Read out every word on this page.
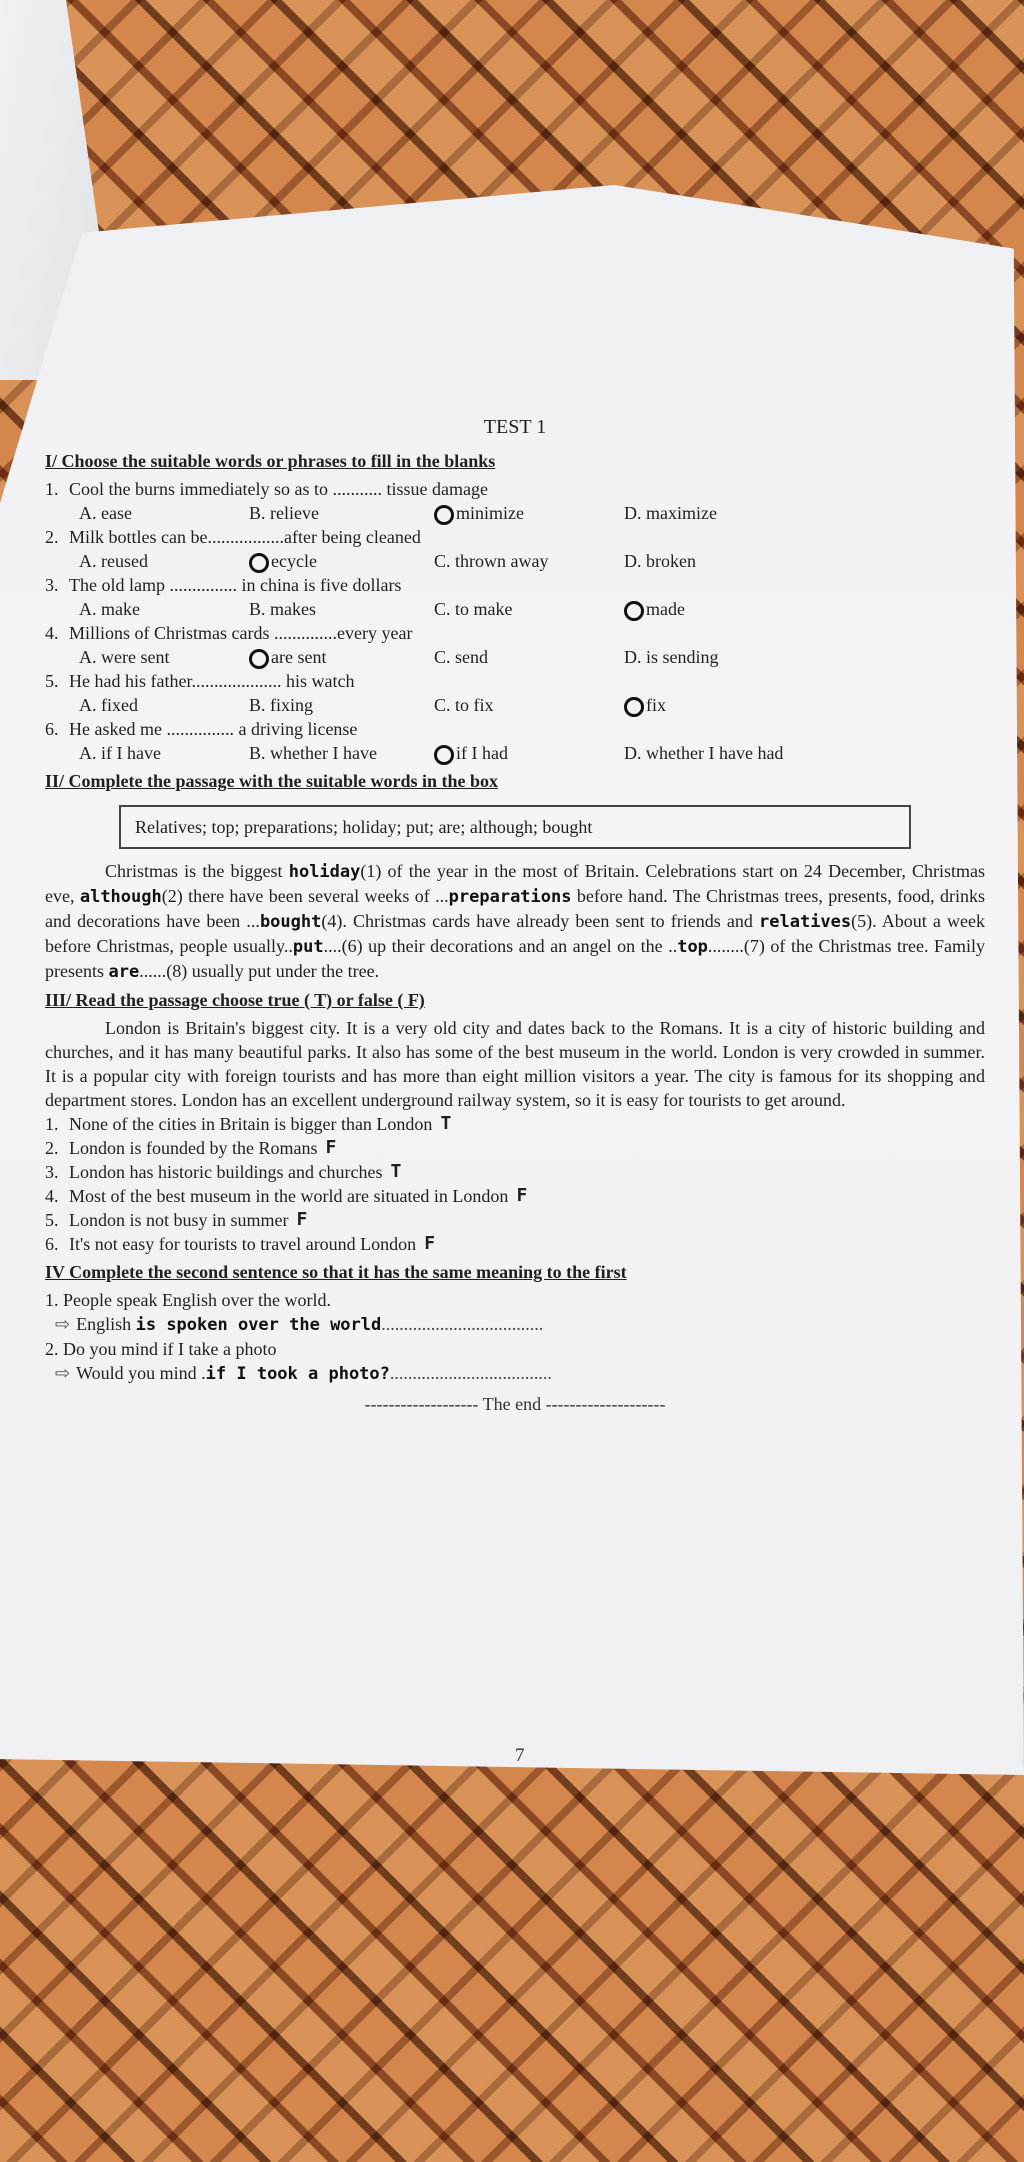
TEST 1
I/ Choose the suitable words or phrases to fill in the blanks
1. Cool the burns immediately so as to ........... tissue damage
A. ease	B. relieve	minimize	D. maximize
2. Milk bottles can be.................after being cleaned
A. reused	ecycle	C. thrown away	D. broken
3. The old lamp ............... in china is five dollars
A. make	B. makes	C. to make	made
4. Millions of Christmas cards ..............every year
A. were sent	are sent	C. send	D. is sending
5. He had his father.................... his watch
A. fixed	B. fixing	C. to fix	fix
6. He asked me ............... a driving license
A. if I have	B. whether I have	if I had	D. whether I have had
II/ Complete the passage with the suitable words in the box
Relatives; top; preparations; holiday; put; are; although; bought

Christmas is the biggest holiday(1) of the year in the most of Britain. Celebrations start on 24 December, Christmas eve, although(2) there have been several weeks of ...preparations before hand. The Christmas trees, presents, food, drinks and decorations have been ...bought(4). Christmas cards have already been sent to friends and relatives(5). About a week before Christmas, people usually..put....(6) up their decorations and an angel on the ..top........(7) of the Christmas tree. Family presents are......(8) usually put under the tree.

III/ Read the passage choose true ( T) or false ( F)

London is Britain's biggest city. It is a very old city and dates back to the Romans. It is a city of historic building and churches, and it has many beautiful parks. It also has some of the best museum in the world. London is very crowded in summer. It is a popular city with foreign tourists and has more than eight million visitors a year. The city is famous for its shopping and department stores. London has an excellent underground railway system, so it is easy for tourists to get around.

1. None of the cities in Britain is bigger than London T
2. London is founded by the Romans F
3. London has historic buildings and churches T
4. Most of the best museum in the world are situated in London F
5. London is not busy in summer F
6. It's not easy for tourists to travel around London F
IV Complete the second sentence so that it has the same meaning to the first
1. People speak English over the world.
⇨ English is spoken over the world....................................
2. Do you mind if I take a photo
⇨ Would you mind .if I took a photo?....................................
------------------- The end --------------------
7
